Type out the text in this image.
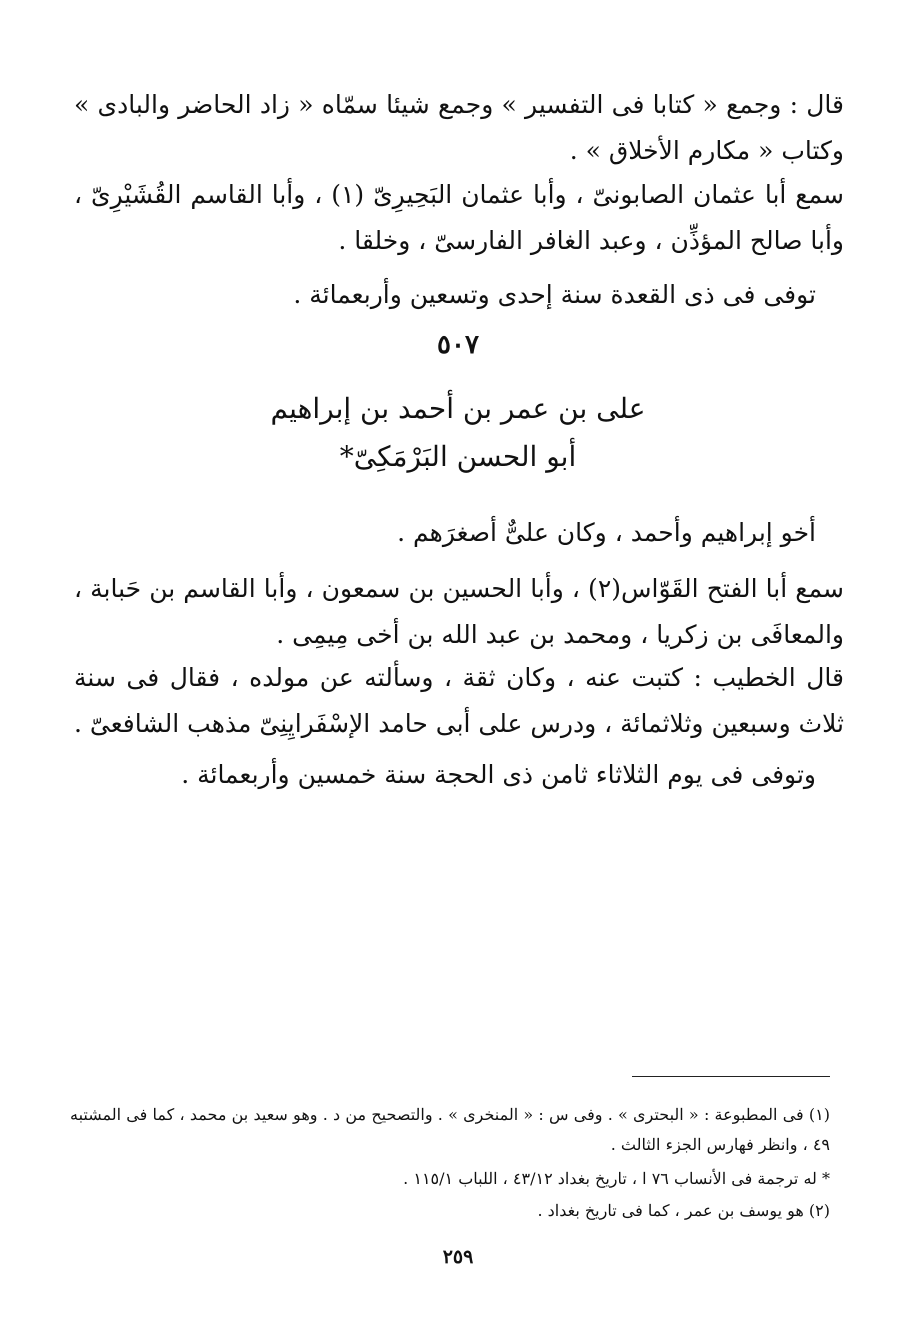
قال : وجمع « كتابا فى التفسير » وجمع شيئا سمّاه « زاد الحاضر والبادى » وكتاب « مكارم الأخلاق » .

سمع أبا عثمان الصابونىّ ، وأبا عثمان البَحِيرِىّ (١) ، وأبا القاسم القُشَيْرِىّ ، وأبا صالح المؤذِّن ، وعبد الغافر الفارسىّ ، وخلقا .

توفى فى ذى القعدة سنة إحدى وتسعين وأربعمائة .

٥٠٧
على بن عمر بن أحمد بن إبراهيم
أبو الحسن البَرْمَكِىّ*

أخو إبراهيم وأحمد ، وكان علىٌّ أصغرَهم .

سمع أبا الفتح القَوّاس(٢) ، وأبا الحسين بن سمعون ، وأبا القاسم بن حَبابة ، والمعافَى بن زكريا ، ومحمد بن عبد الله بن أخى مِيمِى .

قال الخطيب : كتبت عنه ، وكان ثقة ، وسألته عن مولده ، فقال فى سنة ثلاث وسبعين وثلاثمائة ، ودرس على أبى حامد الإسْفَرايِنِىّ مذهب الشافعىّ .

وتوفى فى يوم الثلاثاء ثامن ذى الحجة سنة خمسين وأربعمائة .

(١) فى المطبوعة : « البحترى » . وفى س : « المنخرى » . والتصحيح من د . وهو سعيد بن محمد ، كما فى المشتبه ٤٩ ، وانظر فهارس الجزء الثالث .

* له ترجمة فى الأنساب ٧٦ ا ، تاريخ بغداد ٤٣/١٢ ، اللباب ١١٥/١ .

(٢) هو يوسف بن عمر ، كما فى تاريخ بغداد .

٢٥٩
